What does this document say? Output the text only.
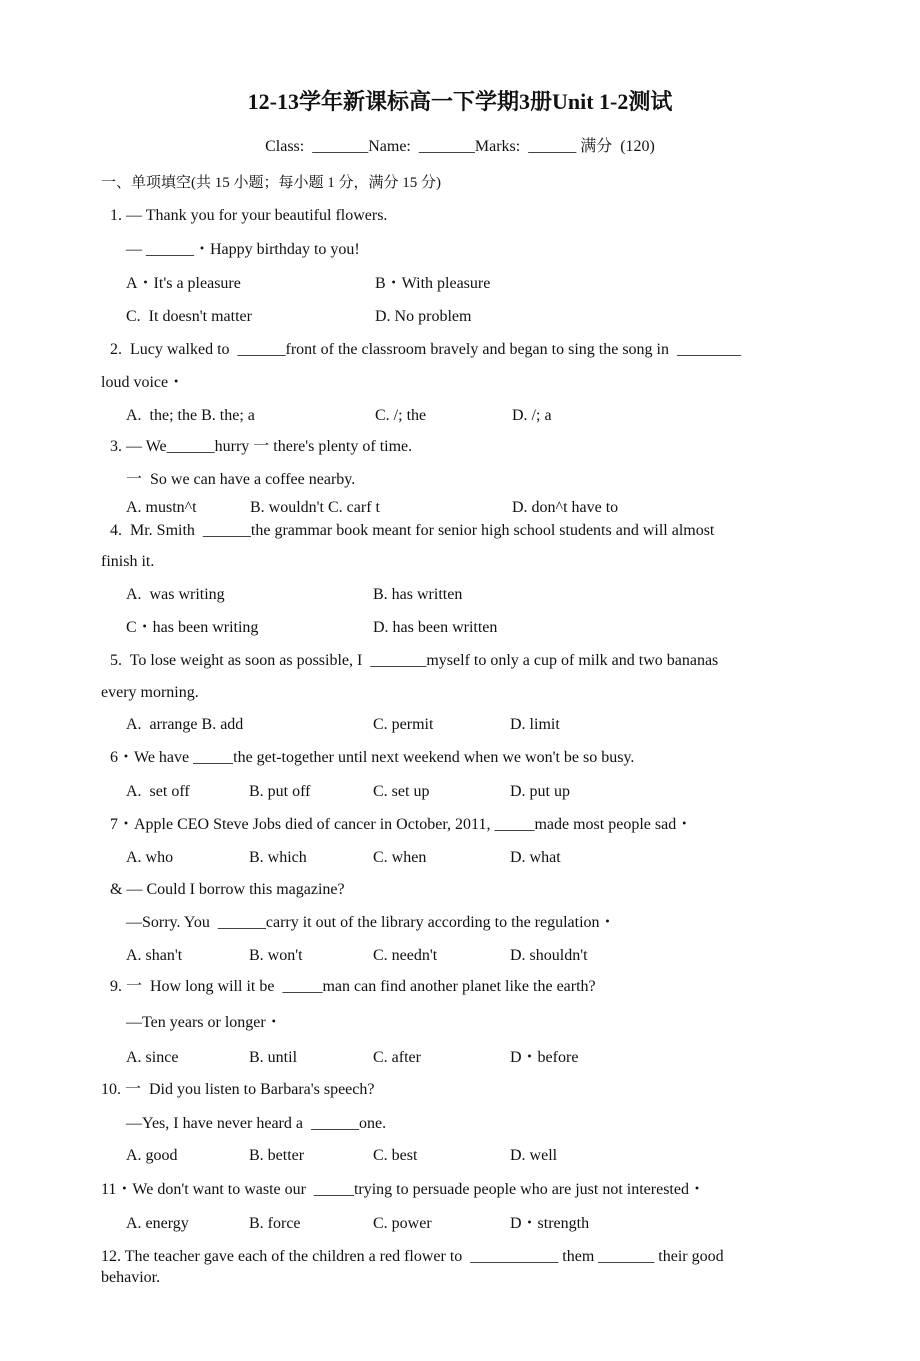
12-13学年新课标高一下学期3册Unit 1-2测试
Class:  _______Name:  _______Marks:  ______ 满分  (120)
一、单项填空(共 15 小题；每小题 1 分，满分 15 分)
1. — Thank you for your beautiful flowers.
— ______・Happy birthday to you!
A・It's a pleasure	B・With pleasure
C.  It doesn't matter	D. No problem
2.  Lucy walked to  ______front of the classroom bravely and began to sing the song in  ________
loud voice・
A.  the; the B. the; a	C. /; the	D. /; a
3. — We______hurry 一 there's plenty of time.
一  So we can have a coffee nearby.
A. mustn^t	B. wouldn't C. carf t	D. don^t have to
4.  Mr. Smith  ______the grammar book meant for senior high school students and will almost
finish it.
A.  was writing	B. has written
C・has been writing	D. has been written
5.  To lose weight as soon as possible, I  _______myself to only a cup of milk and two bananas
every morning.
A.  arrange B. add	C. permit	D. limit
6・We have _____the get-together until next weekend when we won't be so busy.
A.  set off	B. put off	C. set up	D. put up
7・Apple CEO Steve Jobs died of cancer in October, 2011, _____made most people sad・
A. who	B. which	C. when	D. what
& — Could I borrow this magazine?
—Sorry. You  ______carry it out of the library according to the regulation・
A. shan't	B. won't	C. needn't	D. shouldn't
9. 一  How long will it be  _____man can find another planet like the earth?
—Ten years or longer・
A. since	B. until	C. after	D・before
10. 一  Did you listen to Barbara's speech?
—Yes, I have never heard a  ______one.
A. good	B. better	C. best	D. well
11・We don't want to waste our  _____trying to persuade people who are just not interested・
A. energy	B. force	C. power	D・strength
12. The teacher gave each of the children a red flower to  ___________ them _______ their good
behavior.
